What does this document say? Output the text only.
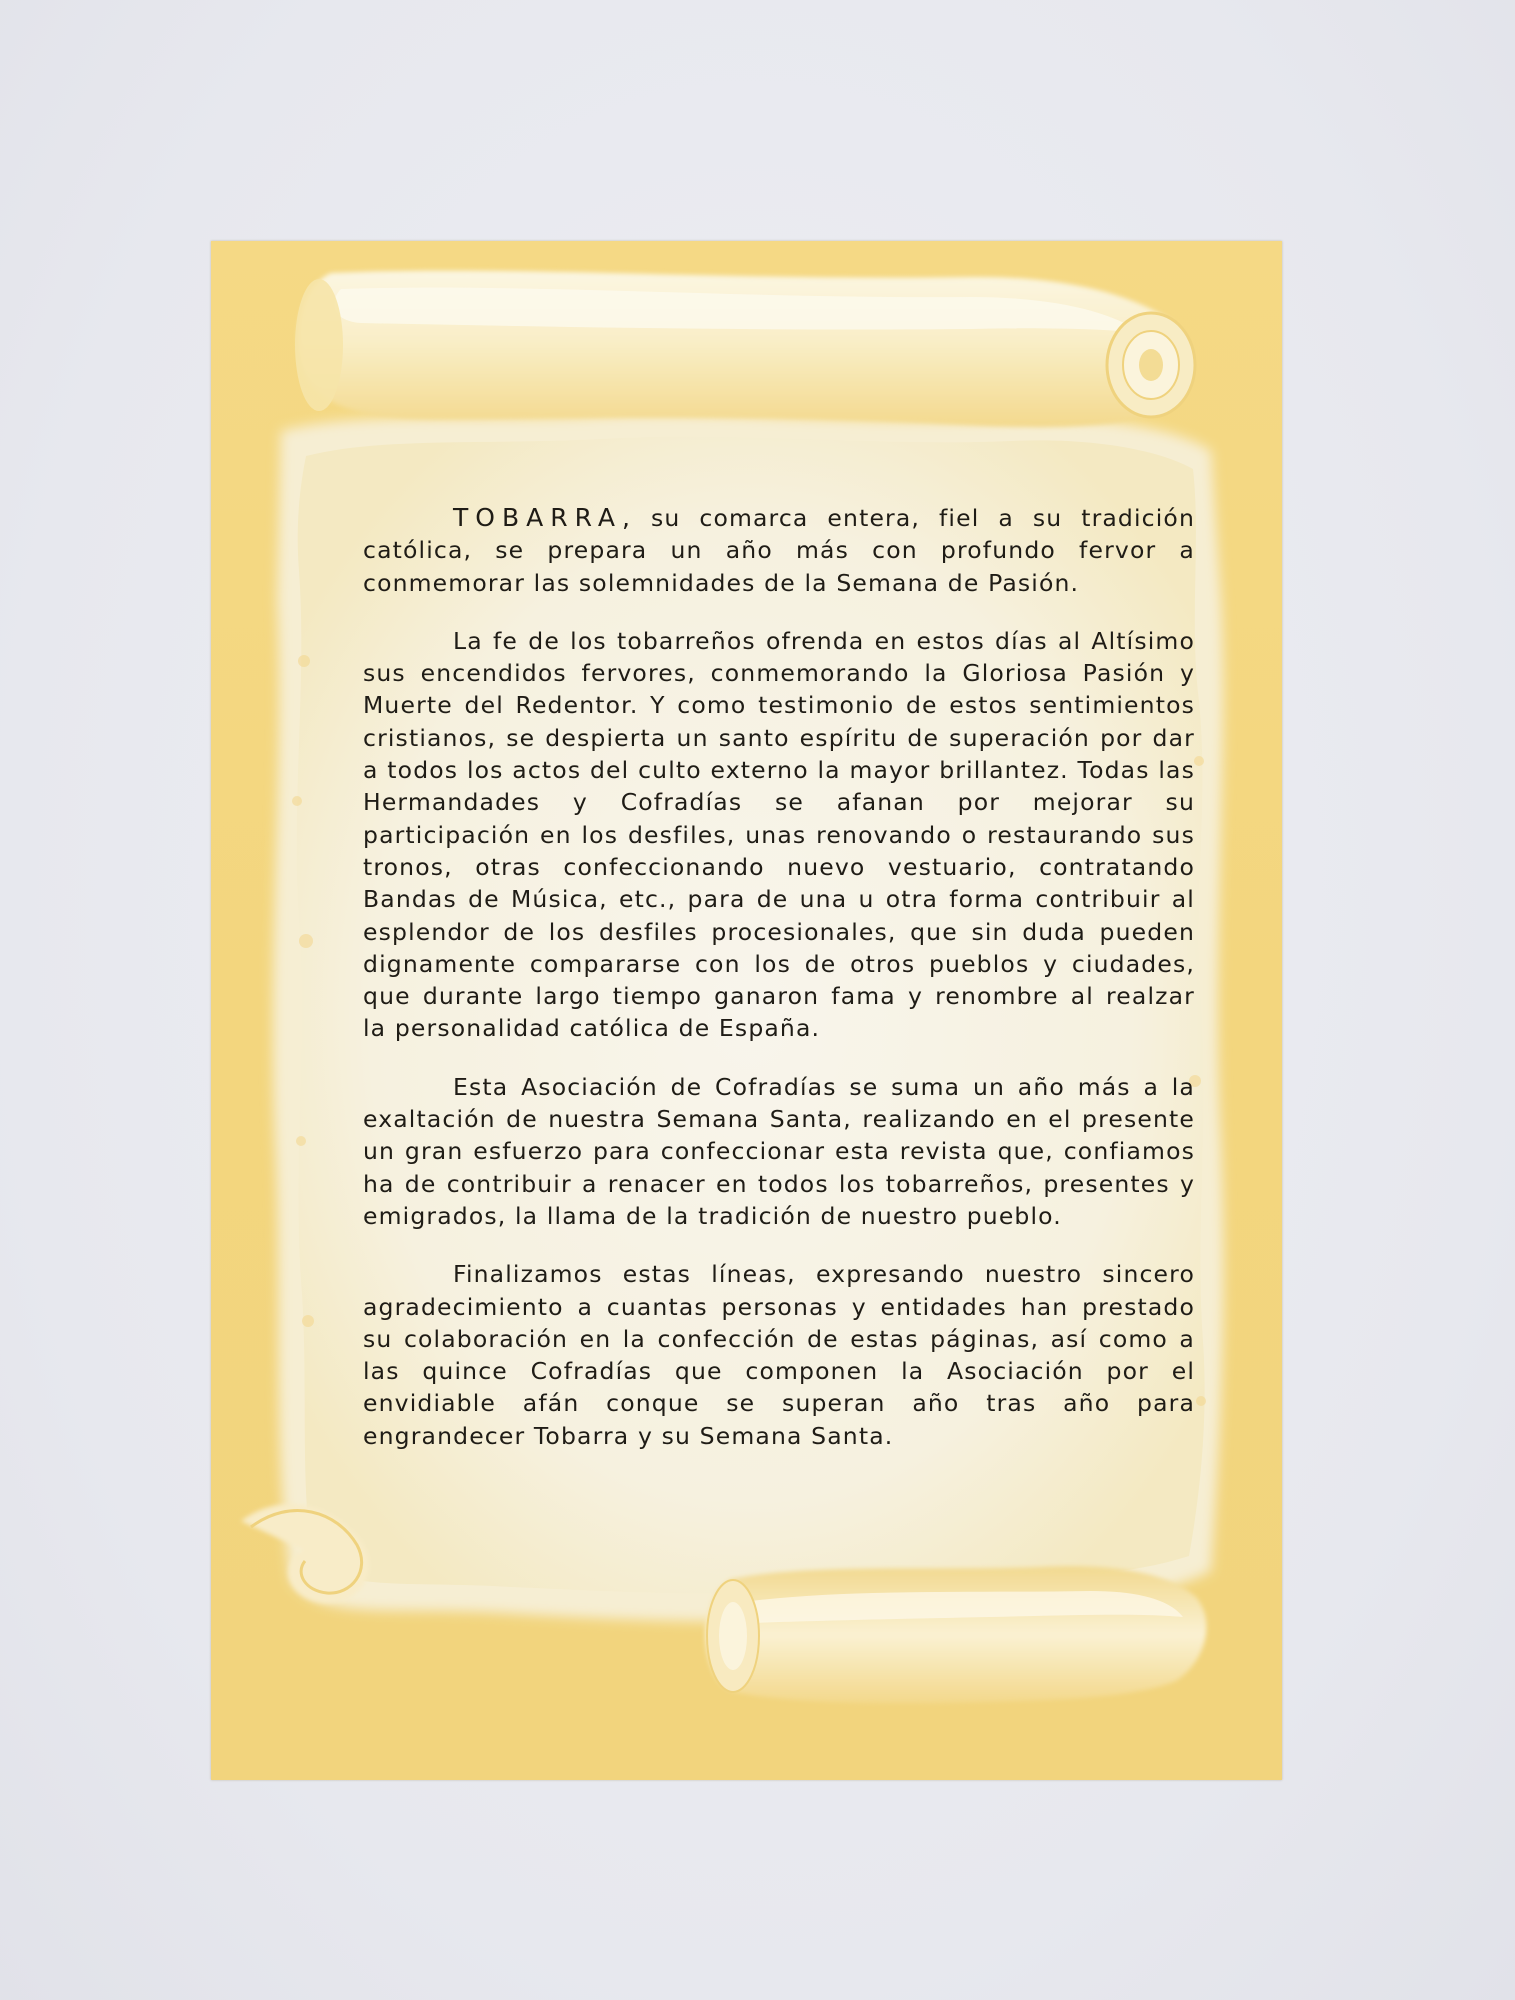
TOBARRA, su comarca entera, fiel a su tradición católica, se prepara un año más con profundo fervor a conmemorar las solemnidades de la Semana de Pasión.

La fe de los tobarreños ofrenda en estos días al Altísimo sus encendidos fervores, conmemorando la Gloriosa Pasión y Muerte del Redentor. Y como testimonio de estos sentimientos cristianos, se despierta un santo espíritu de superación por dar a todos los actos del culto externo la mayor brillantez. Todas las Hermandades y Cofradías se afanan por mejorar su participación en los desfiles, unas renovando o restaurando sus tronos, otras confeccionando nuevo vestuario, contratando Bandas de Música, etc., para de una u otra forma contribuir al esplendor de los desfiles procesionales, que sin duda pueden dignamente compararse con los de otros pueblos y ciudades, que durante largo tiempo ganaron fama y renombre al realzar la personalidad católica de España.

Esta Asociación de Cofradías se suma un año más a la exaltación de nuestra Semana Santa, realizando en el presente un gran esfuerzo para confeccionar esta revista que, confiamos ha de contribuir a renacer en todos los tobarreños, presentes y emigrados, la llama de la tradición de nuestro pueblo.

Finalizamos estas líneas, expresando nuestro sincero agradecimiento a cuantas personas y entidades han prestado su colaboración en la confección de estas páginas, así como a las quince Cofradías que componen la Asociación por el envidiable afán conque se superan año tras año para engrandecer Tobarra y su Semana Santa.
